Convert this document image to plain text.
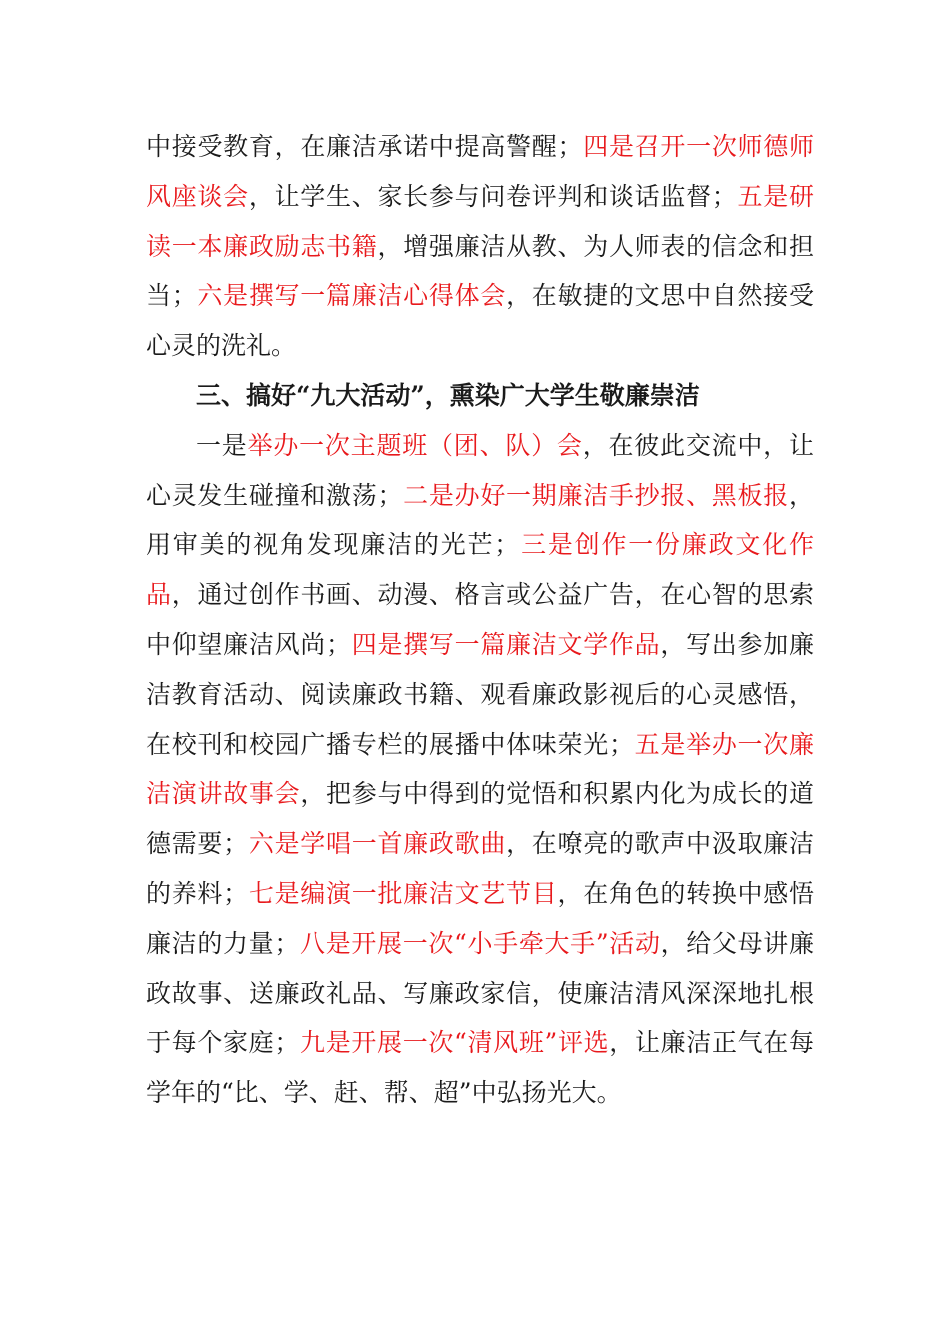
中接受教育，在廉洁承诺中提高警醒；四是召开一次师德师风座谈会，让学生、家长参与问卷评判和谈话监督；五是研读一本廉政励志书籍，增强廉洁从教、为人师表的信念和担当；六是撰写一篇廉洁心得体会，在敏捷的文思中自然接受心灵的洗礼。

三、搞好“九大活动”，熏染广大学生敬廉崇洁

一是举办一次主题班（团、队）会，在彼此交流中，让心灵发生碰撞和激荡；二是办好一期廉洁手抄报、黑板报，用审美的视角发现廉洁的光芒；三是创作一份廉政文化作品，通过创作书画、动漫、格言或公益广告，在心智的思索中仰望廉洁风尚；四是撰写一篇廉洁文学作品，写出参加廉洁教育活动、阅读廉政书籍、观看廉政影视后的心灵感悟，在校刊和校园广播专栏的展播中体味荣光；五是举办一次廉洁演讲故事会，把参与中得到的觉悟和积累内化为成长的道德需要；六是学唱一首廉政歌曲，在嘹亮的歌声中汲取廉洁的养料；七是编演一批廉洁文艺节目，在角色的转换中感悟廉洁的力量；八是开展一次“小手牵大手”活动，给父母讲廉政故事、送廉政礼品、写廉政家信，使廉洁清风深深地扎根于每个家庭；九是开展一次“清风班”评选，让廉洁正气在每学年的“比、学、赶、帮、超”中弘扬光大。
